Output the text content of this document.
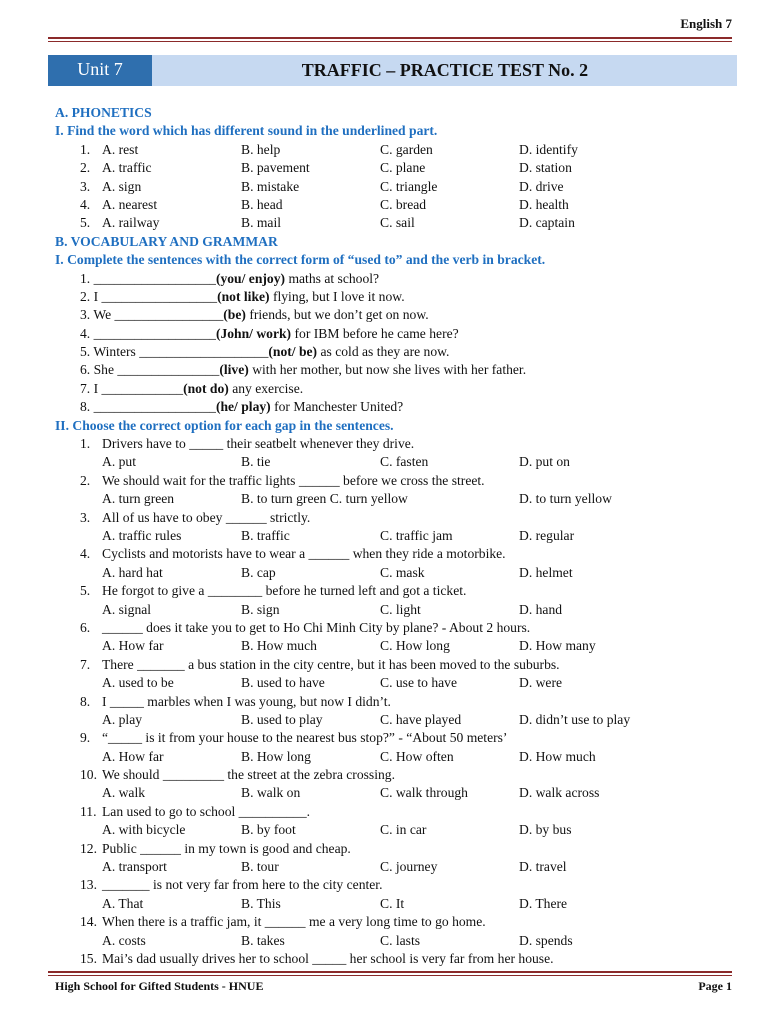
English 7
Unit 7	TRAFFIC – PRACTICE TEST No. 2
A. PHONETICS
I. Find the word which has different sound in the underlined part.
1. A. rest	B. help	C. garden	D. identify
2. A. traffic	B. pavement	C. plane	D. station
3. A. sign	B. mistake	C. triangle	D. drive
4. A. nearest	B. head	C. bread	D. health
5. A. railway	B. mail	C. sail	D. captain
B. VOCABULARY AND GRAMMAR
I. Complete the sentences with the correct form of “used to” and the verb in bracket.
1. __________________(you/ enjoy) maths at school?
2. I _________________(not like) flying, but I love it now.
3. We ________________(be) friends, but we don’t get on now.
4. __________________(John/ work) for IBM before he came here?
5. Winters ___________________(not/ be) as cold as they are now.
6. She _______________(live) with her mother, but now she lives with her father.
7. I ____________(not do) any exercise.
8. __________________(he/ play) for Manchester United?
II. Choose the correct option for each gap in the sentences.
1. Drivers have to _____ their seatbelt whenever they drive.
A. put	B. tie	C. fasten	D. put on
2. We should wait for the traffic lights ______ before we cross the street.
A. turn green	B. to turn green C. turn yellow	D. to turn yellow
3. All of us have to obey ______ strictly.
A. traffic rules	B. traffic	C. traffic jam	D. regular
4. Cyclists and motorists have to wear a ______ when they ride a motorbike.
A. hard hat	B. cap	C. mask	D. helmet
5. He forgot to give a ________ before he turned left and got a ticket.
A. signal	B. sign	C. light	D. hand
6. ______ does it take you to get to Ho Chi Minh City by plane? - About 2 hours.
A. How far	B. How much	C. How long	D. How many
7. There _______ a bus station in the city centre, but it has been moved to the suburbs.
A. used to be	B. used to have	C. use to have	D. were
8. I _____ marbles when I was young, but now I didn’t.
A. play	B. used to play	C. have played	D. didn’t use to play
9. “_____ is it from your house to the nearest bus stop?” - “About 50 meters’
A. How far	B. How long	C. How often	D. How much
10. We should _________ the street at the zebra crossing.
A. walk	B. walk on	C. walk through	D. walk across
11. Lan used to go to school __________.
A. with bicycle	B. by foot	C. in car	D. by bus
12. Public ______ in my town is good and cheap.
A. transport	B. tour	C. journey	D. travel
13. _______ is not very far from here to the city center.
A. That	B. This	C. It	D. There
14. When there is a traffic jam, it ______ me a very long time to go home.
A. costs	B. takes	C. lasts	D. spends
15. Mai’s dad usually drives her to school _____ her school is very far from her house.
High School for Gifted Students - HNUE	Page 1
